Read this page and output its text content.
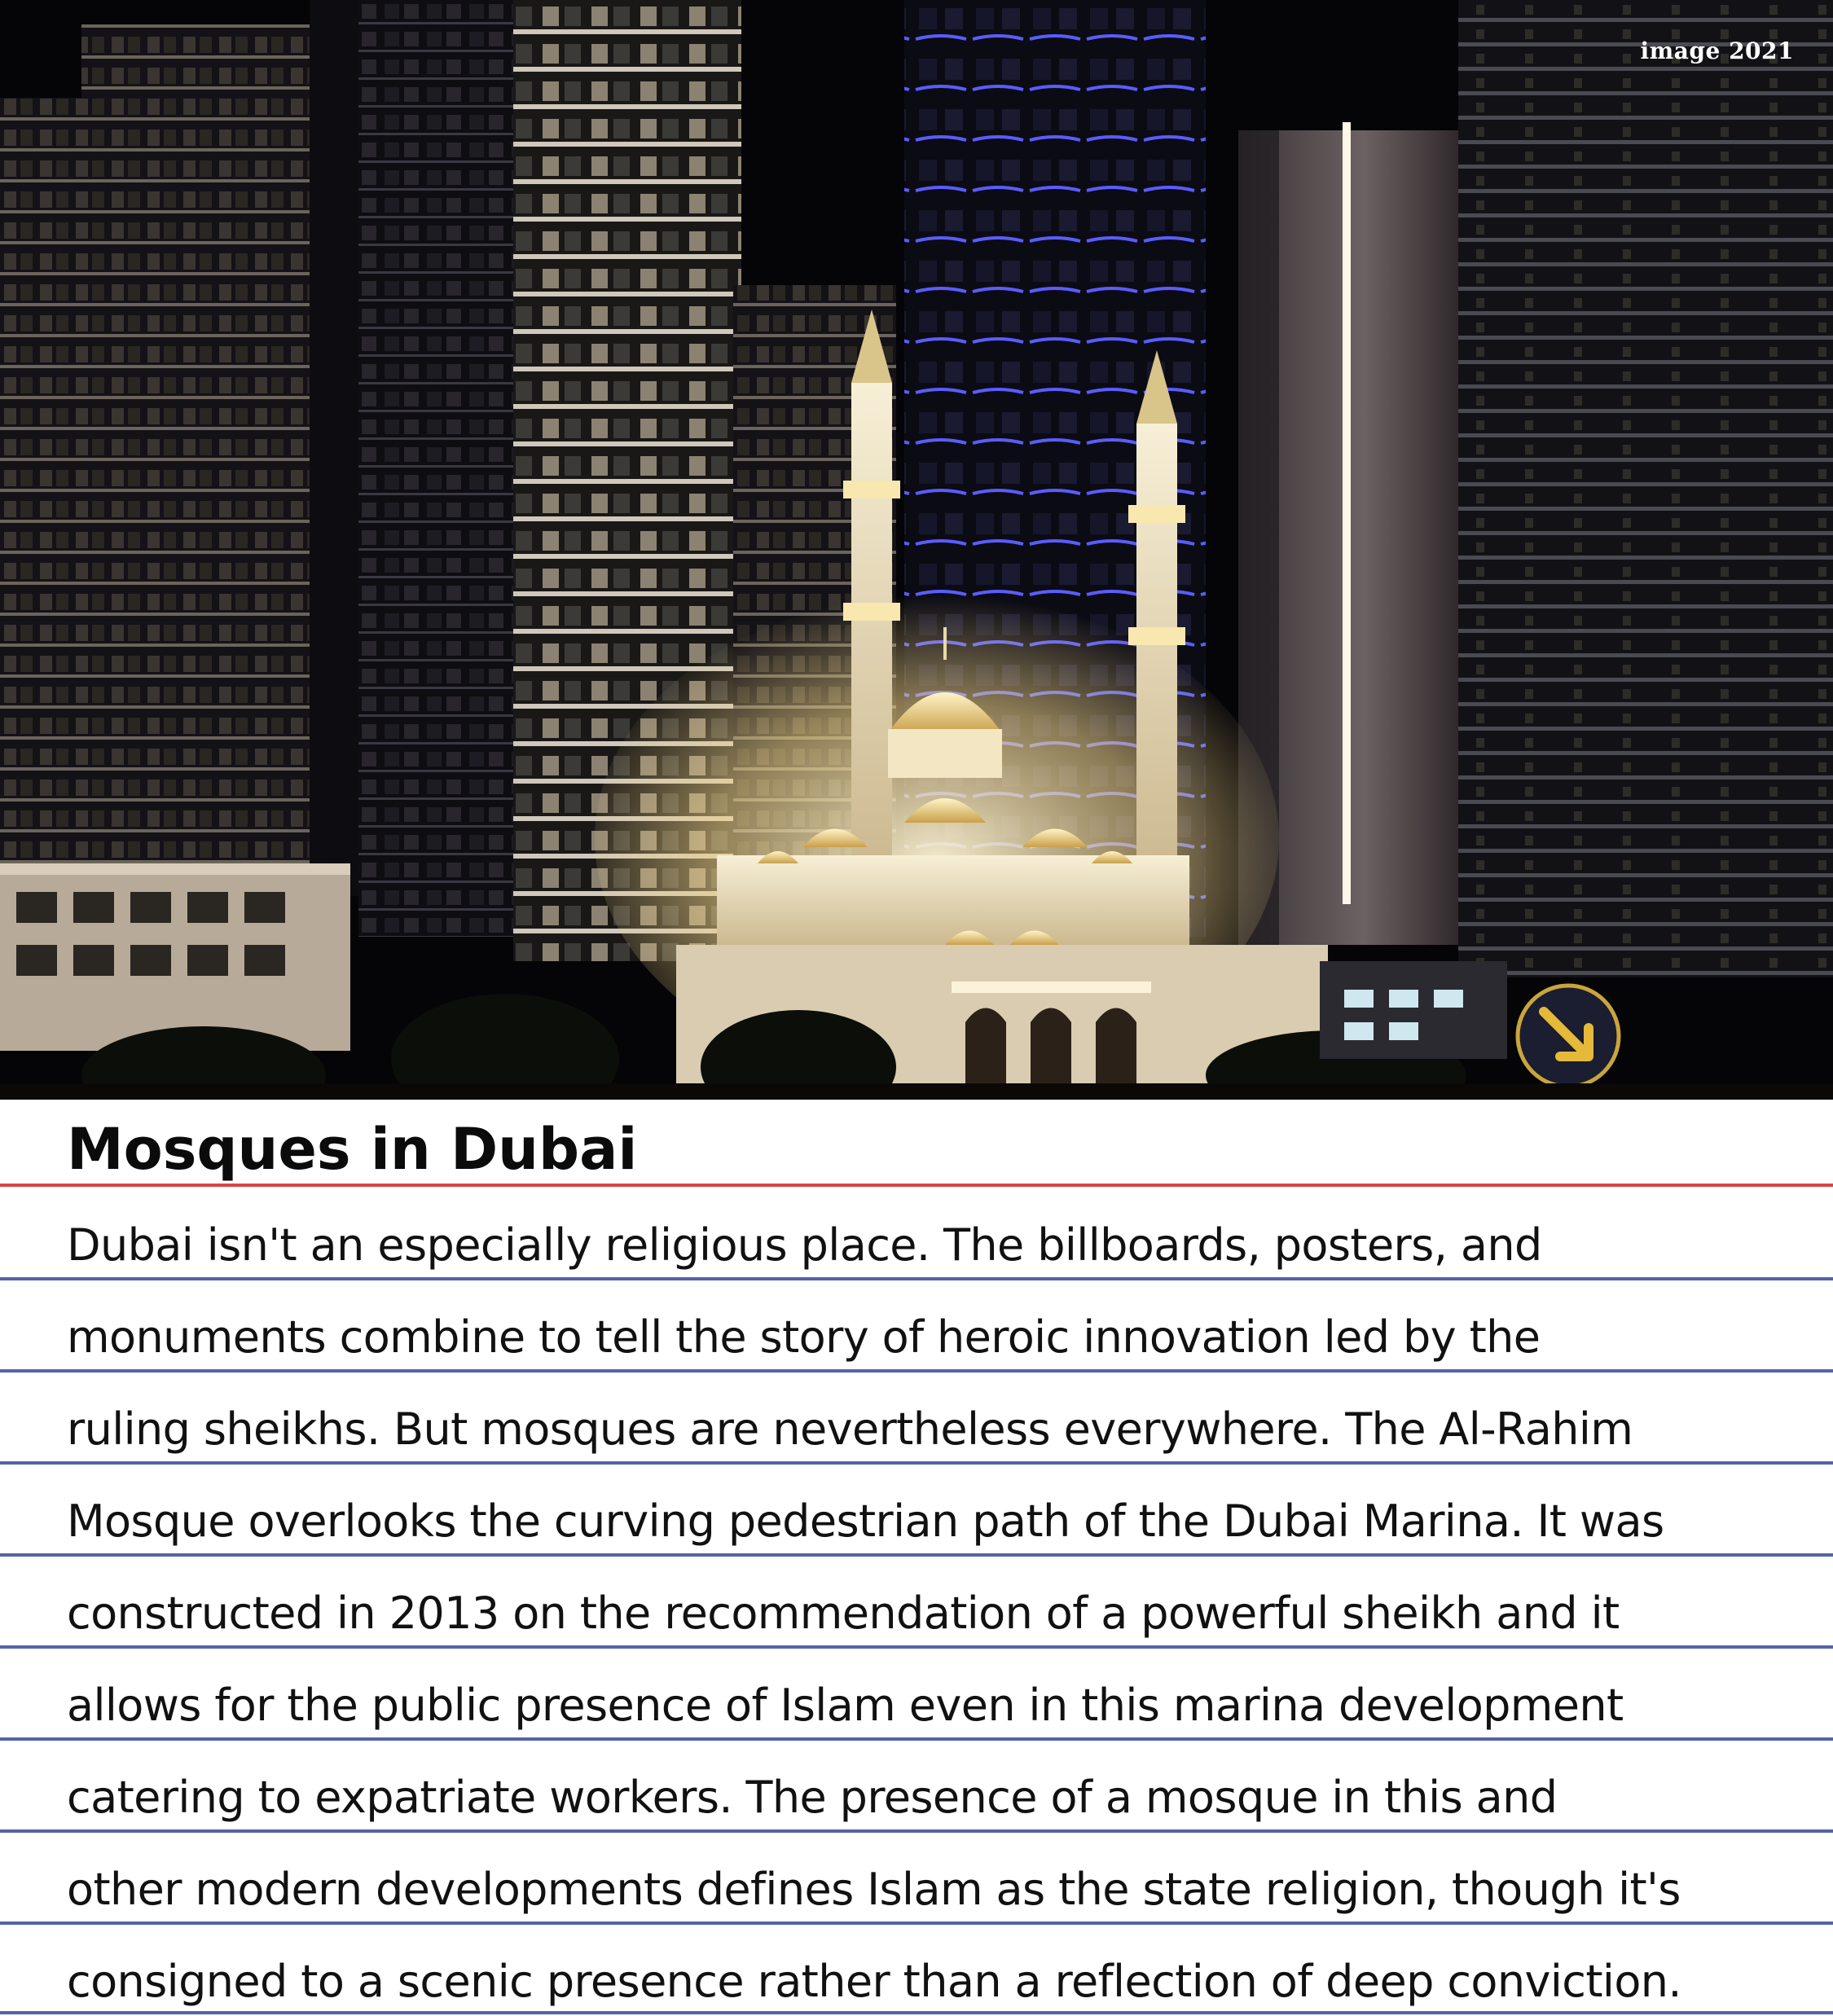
image 2021
Mosques in Dubai
Dubai isn't an especially religious place. The billboards, posters, and
monuments combine to tell the story of heroic innovation led by the
ruling sheikhs. But mosques are nevertheless everywhere. The Al-Rahim
Mosque overlooks the curving pedestrian path of the Dubai Marina. It was
constructed in 2013 on the recommendation of a powerful sheikh and it
allows for the public presence of Islam even in this marina development
catering to expatriate workers. The presence of a mosque in this and
other modern developments defines Islam as the state religion, though it's
consigned to a scenic presence rather than a reflection of deep conviction.
